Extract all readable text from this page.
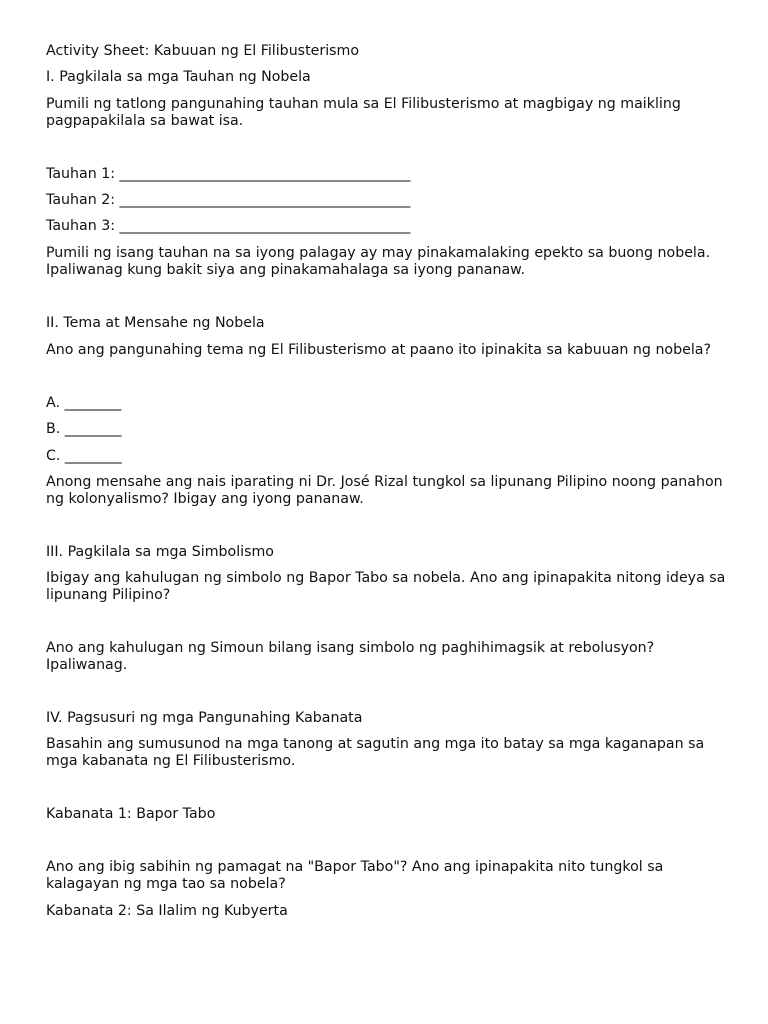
Activity Sheet: Kabuuan ng El Filibusterismo

I. Pagkilala sa mga Tauhan ng Nobela

Pumili ng tatlong pangunahing tauhan mula sa El Filibusterismo at magbigay ng maikling pagpapakilala sa bawat isa.

Tauhan 1: _________________________________________

Tauhan 2: _________________________________________

Tauhan 3: _________________________________________

Pumili ng isang tauhan na sa iyong palagay ay may pinakamalaking epekto sa buong nobela. Ipaliwanag kung bakit siya ang pinakamahalaga sa iyong pananaw.

II. Tema at Mensahe ng Nobela

Ano ang pangunahing tema ng El Filibusterismo at paano ito ipinakita sa kabuuan ng nobela?

A. ________

B. ________

C. ________

Anong mensahe ang nais iparating ni Dr. José Rizal tungkol sa lipunang Pilipino noong panahon ng kolonyalismo? Ibigay ang iyong pananaw.

III. Pagkilala sa mga Simbolismo

Ibigay ang kahulugan ng simbolo ng Bapor Tabo sa nobela. Ano ang ipinapakita nitong ideya sa lipunang Pilipino?

Ano ang kahulugan ng Simoun bilang isang simbolo ng paghihimagsik at rebolusyon? Ipaliwanag.

IV. Pagsusuri ng mga Pangunahing Kabanata

Basahin ang sumusunod na mga tanong at sagutin ang mga ito batay sa mga kaganapan sa mga kabanata ng El Filibusterismo.

Kabanata 1: Bapor Tabo

Ano ang ibig sabihin ng pamagat na "Bapor Tabo"? Ano ang ipinapakita nito tungkol sa kalagayan ng mga tao sa nobela?

Kabanata 2: Sa Ilalim ng Kubyerta
